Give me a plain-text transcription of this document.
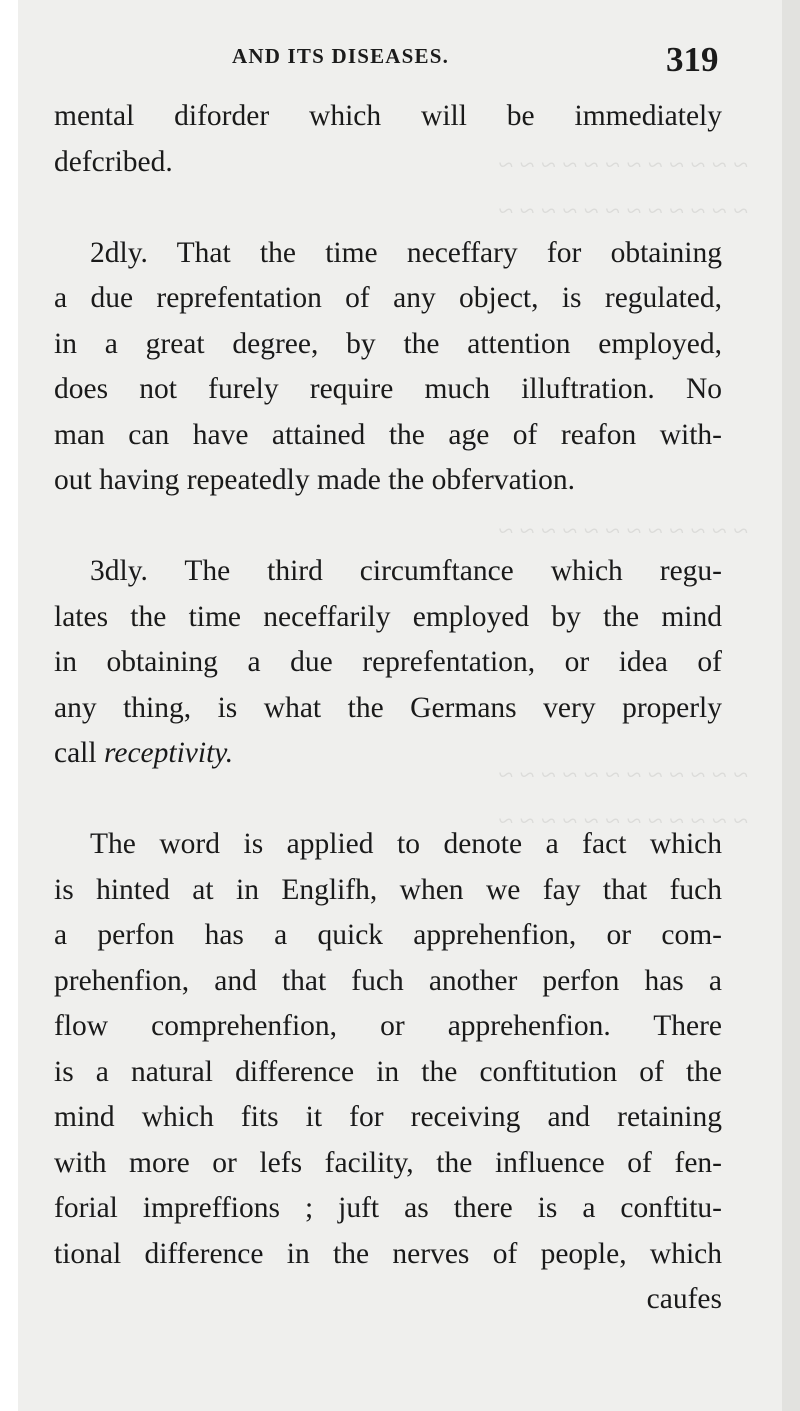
~ ~ ~ ~ ~ ~ ~ ~ ~ ~ ~ ~
~ ~ ~ ~ ~ ~ ~ ~ ~ ~ ~ ~
~ ~ ~ ~ ~ ~ ~ ~ ~ ~ ~ ~
~ ~ ~ ~ ~ ~ ~ ~ ~ ~ ~ ~
~ ~ ~ ~ ~ ~ ~ ~ ~ ~ ~ ~
AND ITS DISEASES.	319
mental diforder which will be immediately
defcribed.
2dly. That the time neceffary for obtaining
a due reprefentation of any object, is regulated,
in a great degree, by the attention employed,
does not furely require much illuftration. No
man can have attained the age of reafon with-
out having repeatedly made the obfervation.
3dly. The third circumftance which regu-
lates the time neceffarily employed by the mind
in obtaining a due reprefentation, or idea of
any thing, is what the Germans very properly
call receptivity.
The word is applied to denote a fact which
is hinted at in Englifh, when we fay that fuch
a perfon has a quick apprehenfion, or com-
prehenfion, and that fuch another perfon has a
flow comprehenfion, or apprehenfion. There
is a natural difference in the conftitution of the
mind which fits it for receiving and retaining
with more or lefs facility, the influence of fen-
forial impreffions ; juft as there is a conftitu-
tional difference in the nerves of people, which
caufes
